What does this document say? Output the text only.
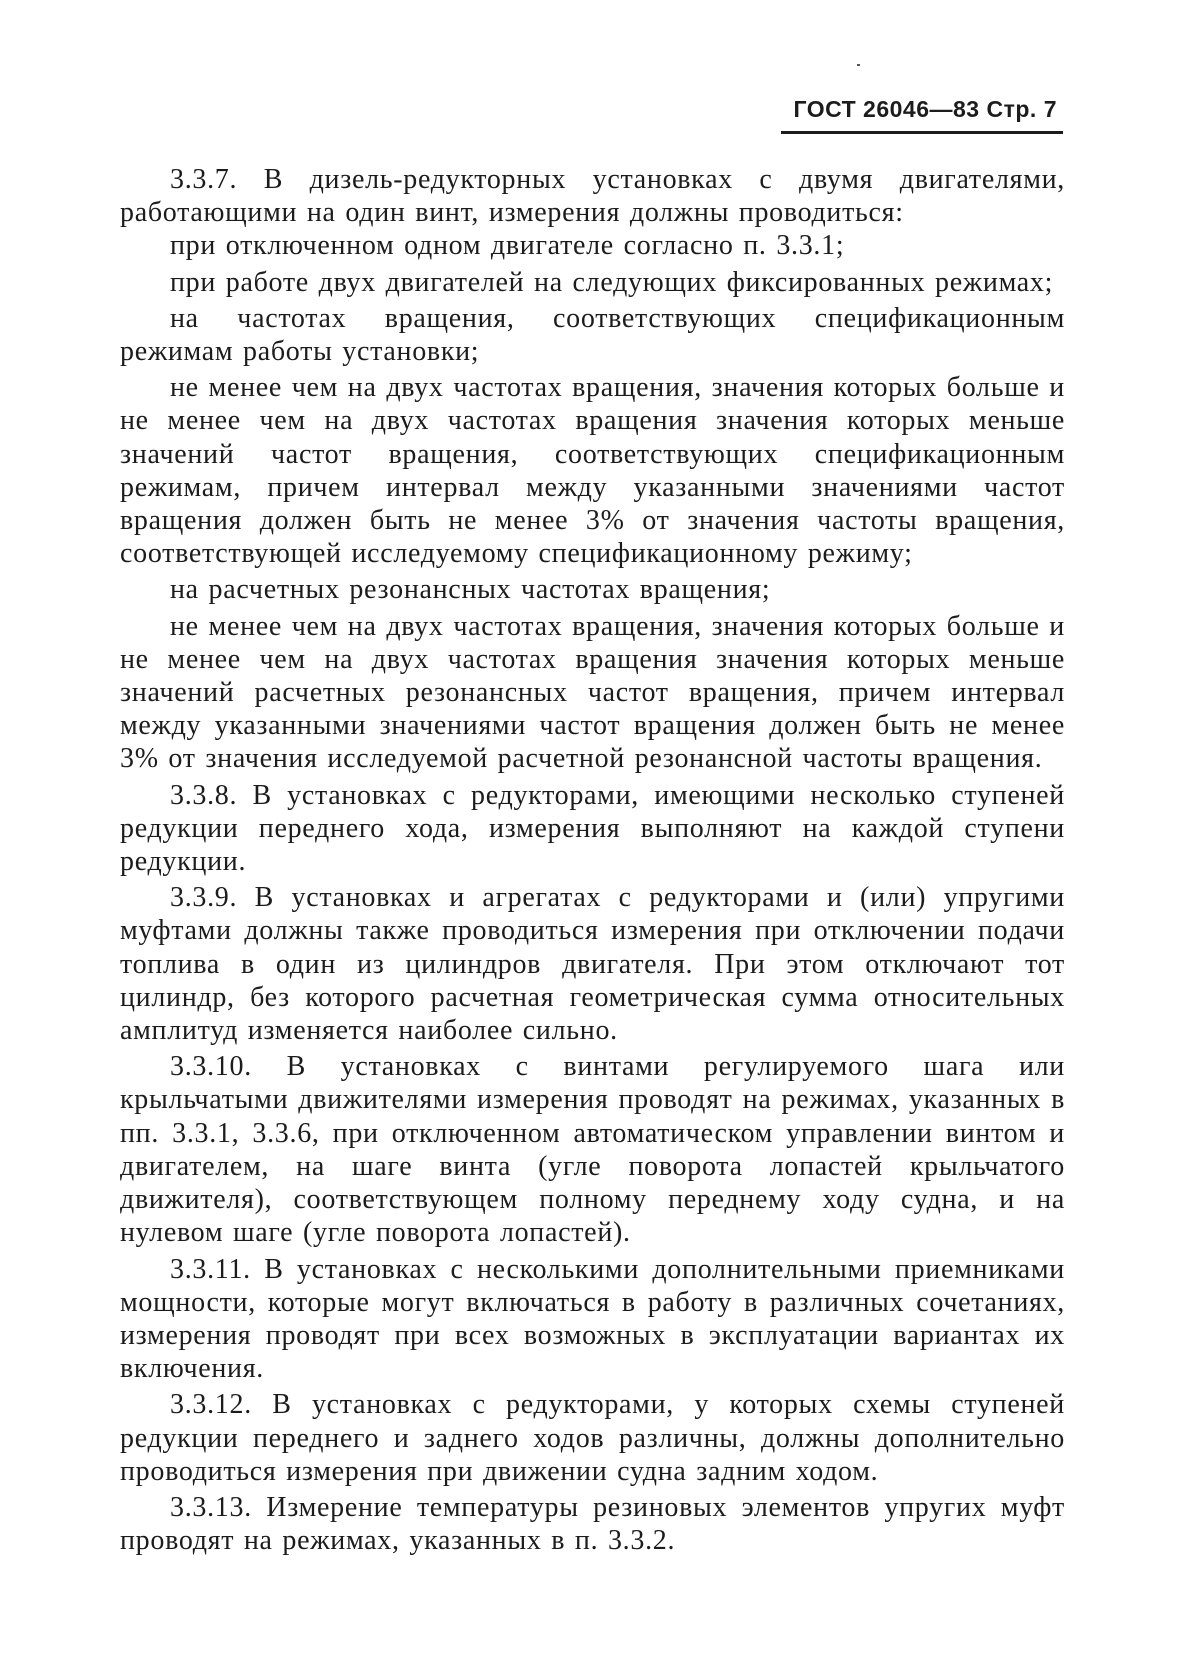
ГОСТ 26046—83 Стр. 7

3.3.7. В дизель-редукторных установках с двумя двигателями, работающими на один винт, измерения должны проводиться:

при отключенном одном двигателе согласно п. 3.3.1;

при работе двух двигателей на следующих фиксированных режимах;

на частотах вращения, соответствующих спецификационным режимам работы установки;

не менее чем на двух частотах вращения, значения которых больше и не менее чем на двух частотах вращения значения которых меньше значений частот вращения, соответствующих спецификационным режимам, причем интервал между указанными значениями частот вращения должен быть не менее 3% от значения частоты вращения, соответствующей исследуемому спецификационному режиму;

на расчетных резонансных частотах вращения;

не менее чем на двух частотах вращения, значения которых больше и не менее чем на двух частотах вращения значения которых меньше значений расчетных резонансных частот вращения, причем интервал между указанными значениями частот вращения должен быть не менее 3% от значения исследуемой расчетной резонансной частоты вращения.

3.3.8. В установках с редукторами, имеющими несколько ступеней редукции переднего хода, измерения выполняют на каждой ступени редукции.

3.3.9. В установках и агрегатах с редукторами и (или) упругими муфтами должны также проводиться измерения при отключении подачи топлива в один из цилиндров двигателя. При этом отключают тот цилиндр, без которого расчетная геометрическая сумма относительных амплитуд изменяется наиболее сильно.

3.3.10. В установках с винтами регулируемого шага или крыльчатыми движителями измерения проводят на режимах, указанных в пп. 3.3.1, 3.3.6, при отключенном автоматическом управлении винтом и двигателем, на шаге винта (угле поворота лопастей крыльчатого движителя), соответствующем полному переднему ходу судна, и на нулевом шаге (угле поворота лопастей).

3.3.11. В установках с несколькими дополнительными приемниками мощности, которые могут включаться в работу в различных сочетаниях, измерения проводят при всех возможных в эксплуатации вариантах их включения.

3.3.12. В установках с редукторами, у которых схемы ступеней редукции переднего и заднего ходов различны, должны дополнительно проводиться измерения при движении судна задним ходом.

3.3.13. Измерение температуры резиновых элементов упругих муфт проводят на режимах, указанных в п. 3.3.2.
